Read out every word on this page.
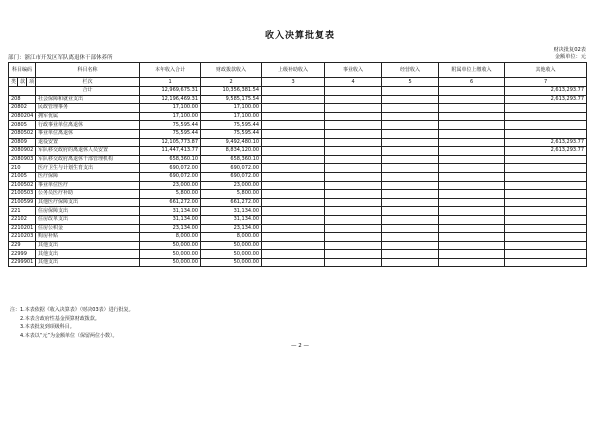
收入决算批复表
财决批复02表
部门：浙江市开发区军队离退休干部休养所	金额单位：元
科目编码			科目名称	本年收入合计	财政拨款收入	上级补助收入	事业收入	经营收入	附属单位上缴收入	其他收入
类	款	项	栏次	1	2	3	4	5	6	7
			合计	12,969,675.31	10,356,381.54					2,613,293.77
208			社会保障和就业支出	12,196,469.31	9,585,175.54					2,613,293.77
20802			民政管理事务	17,100.00	17,100.00					
2080204			拥军优属	17,100.00	17,100.00					
20805			行政事业单位离退休	75,595.44	75,595.44					
2080502			事业单位离退休	75,595.44	75,595.44					
20809			退役安置	12,105,773.87	9,492,480.10					2,613,293.77
2080902			军队移交政府的离退休人员安置	11,447,413.77	8,834,120.00					2,613,293.77
2080903			军队移交政府离退休干部管理机构	658,360.10	658,360.10					
210			医疗卫生与计划生育支出	690,072.00	690,072.00					
21005			医疗保障	690,072.00	690,072.00					
2100502			事业单位医疗	23,000.00	23,000.00					
2100503			公务员医疗补助	5,800.00	5,800.00					
2100599			其他医疗保障支出	661,272.00	661,272.00					
221			住房保障支出	31,134.00	31,134.00					
22102			住房改革支出	31,134.00	31,134.00					
2210201			住房公积金	23,134.00	23,134.00					
2210203			购房补贴	8,000.00	8,000.00					
229			其他支出	50,000.00	50,000.00					
22999			其他支出	50,000.00	50,000.00					
2299901			其他支出	50,000.00	50,000.00					
注：1.本表依据《收入决算表》（财决03表）进行批复。
2.本表含政府性基金预算财政拨款。
3.本表批复到项级科目。
4.本表以“元”为金额单位（保留两位小数）。
— 2 —
